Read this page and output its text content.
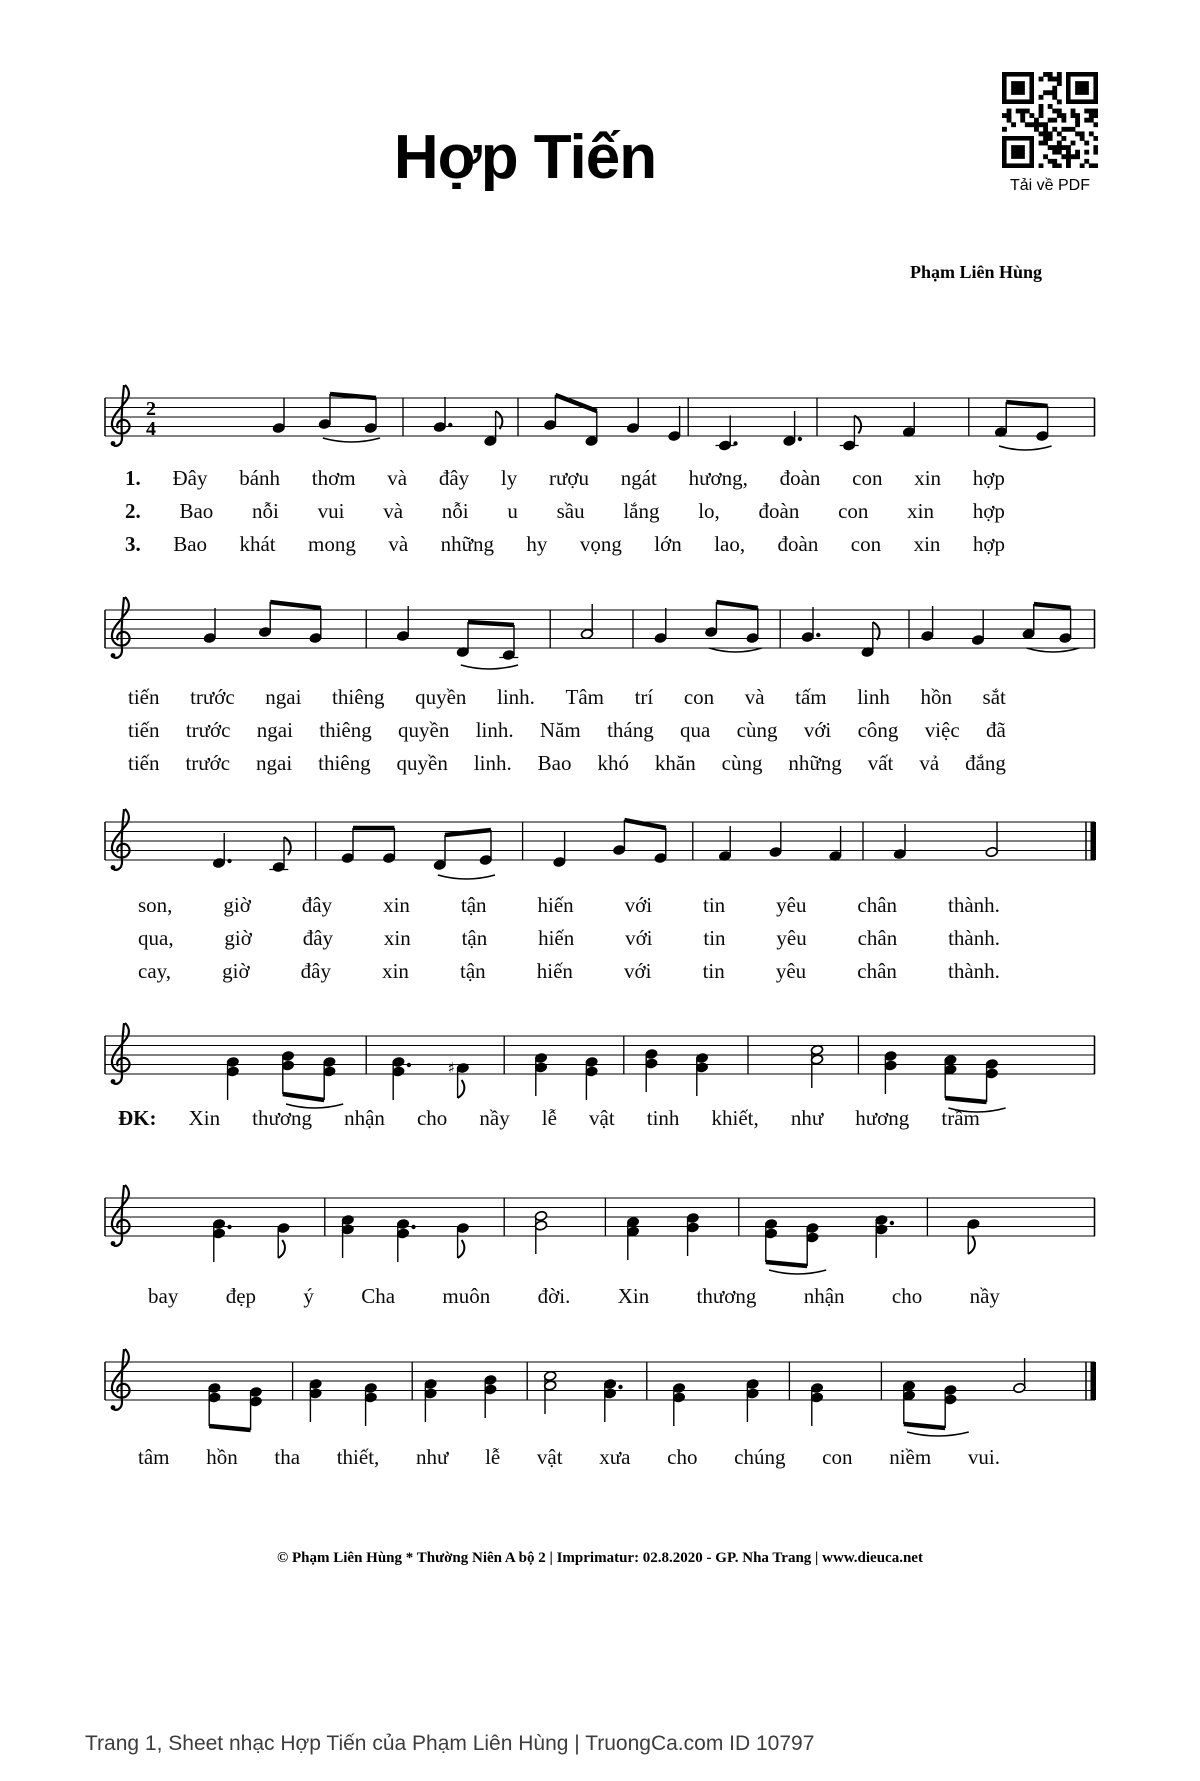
Tải về PDF
Hợp Tiến
Phạm Liên Hùng
2
4
♯
1. Đây bánh thơm và đây ly rượu ngát hương, đoàn con xin hợp
2. Bao nỗi vui và nỗi u sầu lắng lo, đoàn con xin hợp
3. Bao khát mong và những hy vọng lớn lao, đoàn con xin hợp
tiến trước ngai thiêng quyền linh. Tâm trí con và tấm linh hồn sắt
tiến trước ngai thiêng quyền linh. Năm tháng qua cùng với công việc đã
tiến trước ngai thiêng quyền linh. Bao khó khăn cùng những vất vả đắng
son, giờ đây xin tận hiến với tin yêu chân thành.
qua, giờ đây xin tận hiến với tin yêu chân thành.
cay, giờ đây xin tận hiến với tin yêu chân thành.
ĐK: Xin thương nhận cho nầy lễ vật tinh khiết, như hương trầm
bay đẹp ý Cha muôn đời. Xin thương nhận cho nầy
tâm hồn tha thiết, như lễ vật xưa cho chúng con niềm vui.
© Phạm Liên Hùng * Thường Niên A bộ 2 | Imprimatur: 02.8.2020 - GP. Nha Trang | www.dieuca.net
Trang 1, Sheet nhạc Hợp Tiến của Phạm Liên Hùng | TruongCa.com ID 10797
